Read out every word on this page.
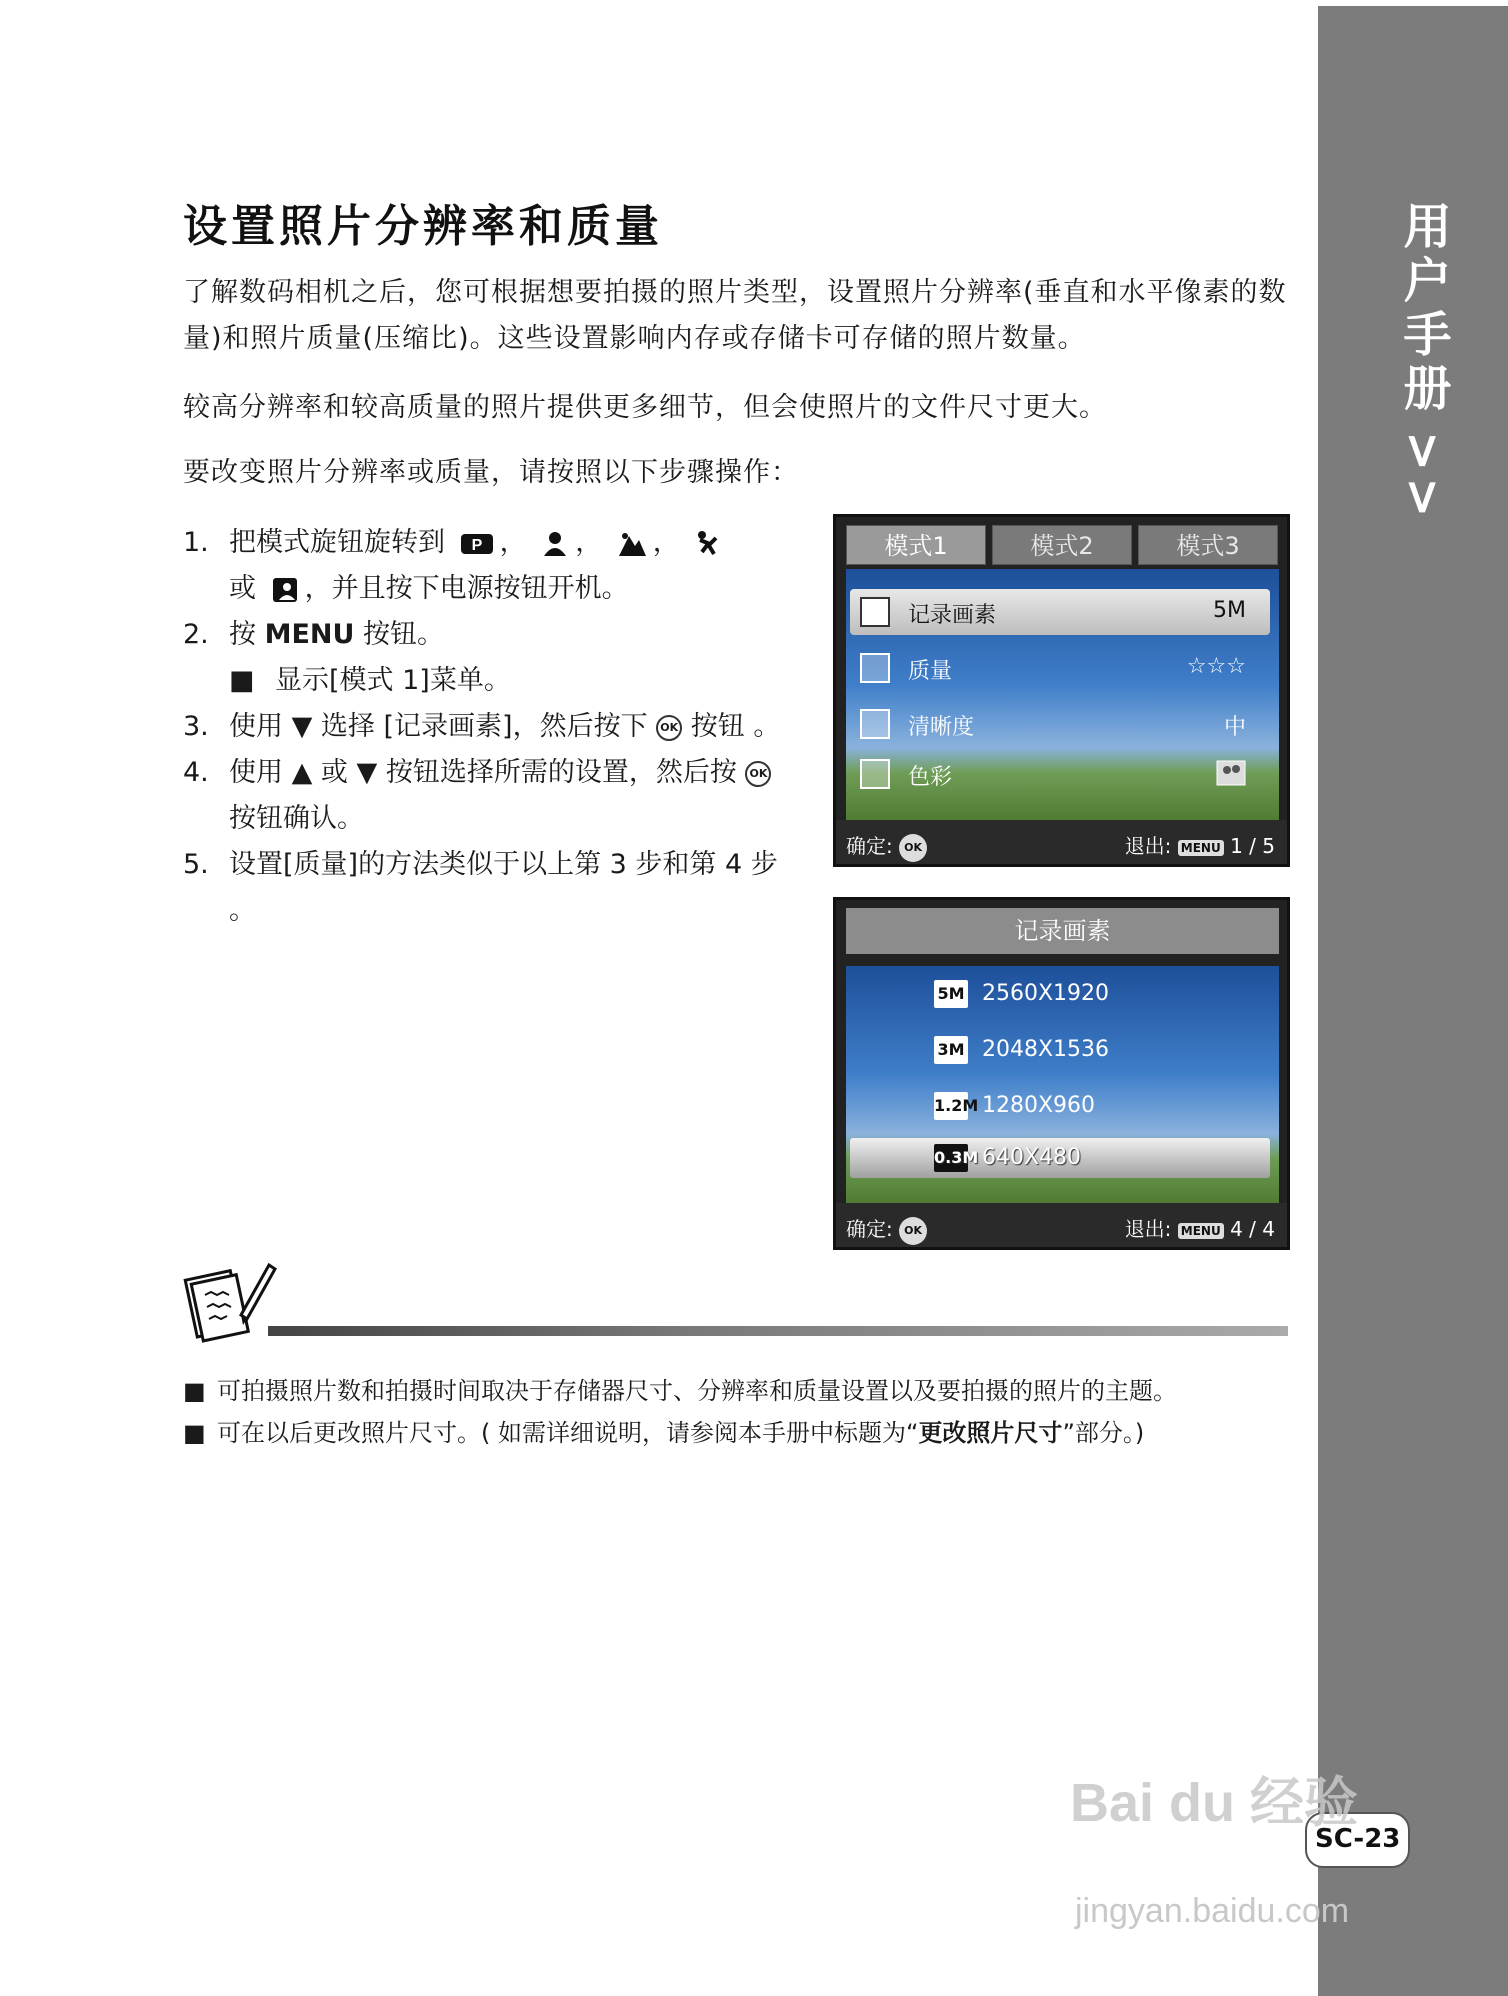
用户手册>>
SC-23
设置照片分辨率和质量
了解数码相机之后，您可根据想要拍摄的照片类型，设置照片分辨率(垂直和水平像素的数量)和照片质量(压缩比)。这些设置影响内存或存储卡可存储的照片数量。
较高分辨率和较高质量的照片提供更多细节，但会使照片的文件尺寸更大。
要改变照片分辨率或质量，请按照以下步骤操作：
1. 把模式旋钮旋转到 P ， ， ，
或 ，并且按下电源按钮开机。
2. 按 MENU 按钮。
■ 显示[模式 1]菜单。
3. 使用 ▼ 选择 [记录画素]，然后按下 OK 按钮 。
4. 使用 ▲ 或 ▼ 按钮选择所需的设置，然后按 OK 按钮确认。
5. 设置[质量]的方法类似于以上第 3 步和第 4 步 。
模式1	模式2	模式3
记录画素	5M
质量	☆☆☆
清晰度	中
色彩
确定: OK	退出: MENU 1 / 5
记录画素
5M 2560X1920
3M 2048X1536
1.2M 1280X960
0.3M 640X480
确定: OK	退出: MENU 4 / 4
■ 可拍摄照片数和拍摄时间取决于存储器尺寸、分辨率和质量设置以及要拍摄的照片的主题。
■ 可在以后更改照片尺寸。( 如需详细说明，请参阅本手册中标题为“更改照片尺寸”部分。)
Bai du 经验
jingyan.baidu.com
